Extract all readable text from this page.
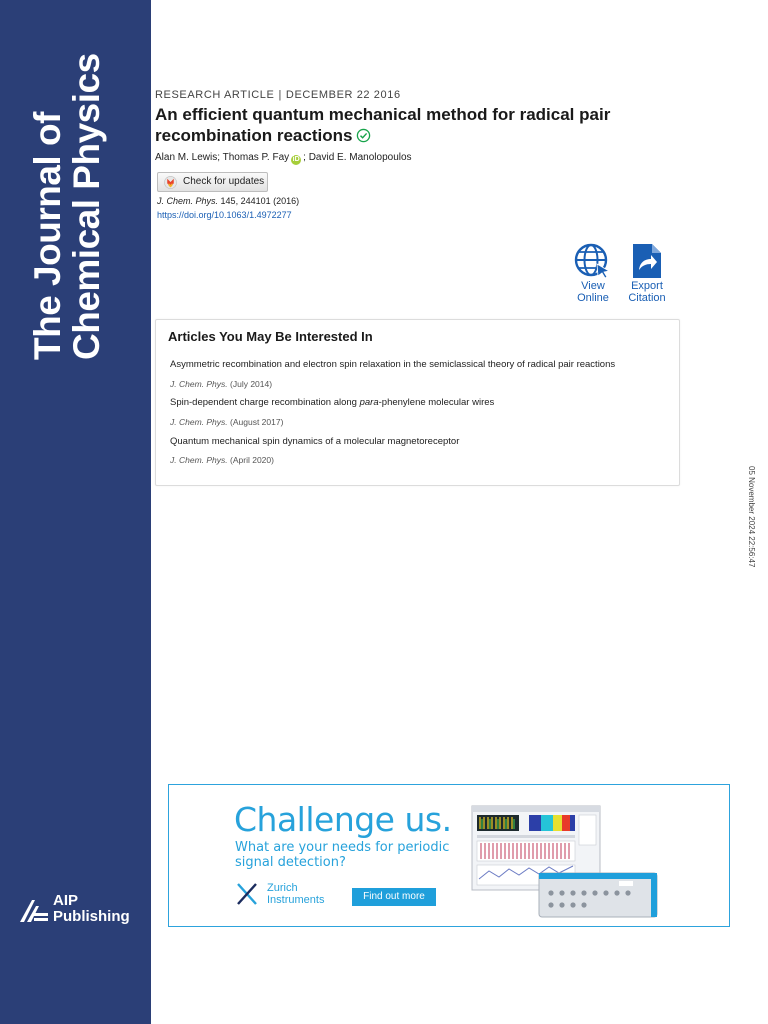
The Journal of
Chemical Physics
AIP
Publishing
RESEARCH ARTICLE | DECEMBER 22 2016
An efficient quantum mechanical method for radical pair recombination reactions
Alan M. Lewis; Thomas P. Fay iD ; David E. Manolopoulos
Check for updates
J. Chem. Phys. 145, 244101 (2016)
https://doi.org/10.1063/1.4972277
View
Online
Export
Citation
Articles You May Be Interested In
Asymmetric recombination and electron spin relaxation in the semiclassical theory of radical pair reactions
J. Chem. Phys. (July 2014)
Spin-dependent charge recombination along para-phenylene molecular wires
J. Chem. Phys. (August 2017)
Quantum mechanical spin dynamics of a molecular magnetoreceptor
J. Chem. Phys. (April 2020)
05 November 2024 22:56:47
Challenge us.
What are your needs for periodic signal detection?
Zurich
Instruments	Find out more
